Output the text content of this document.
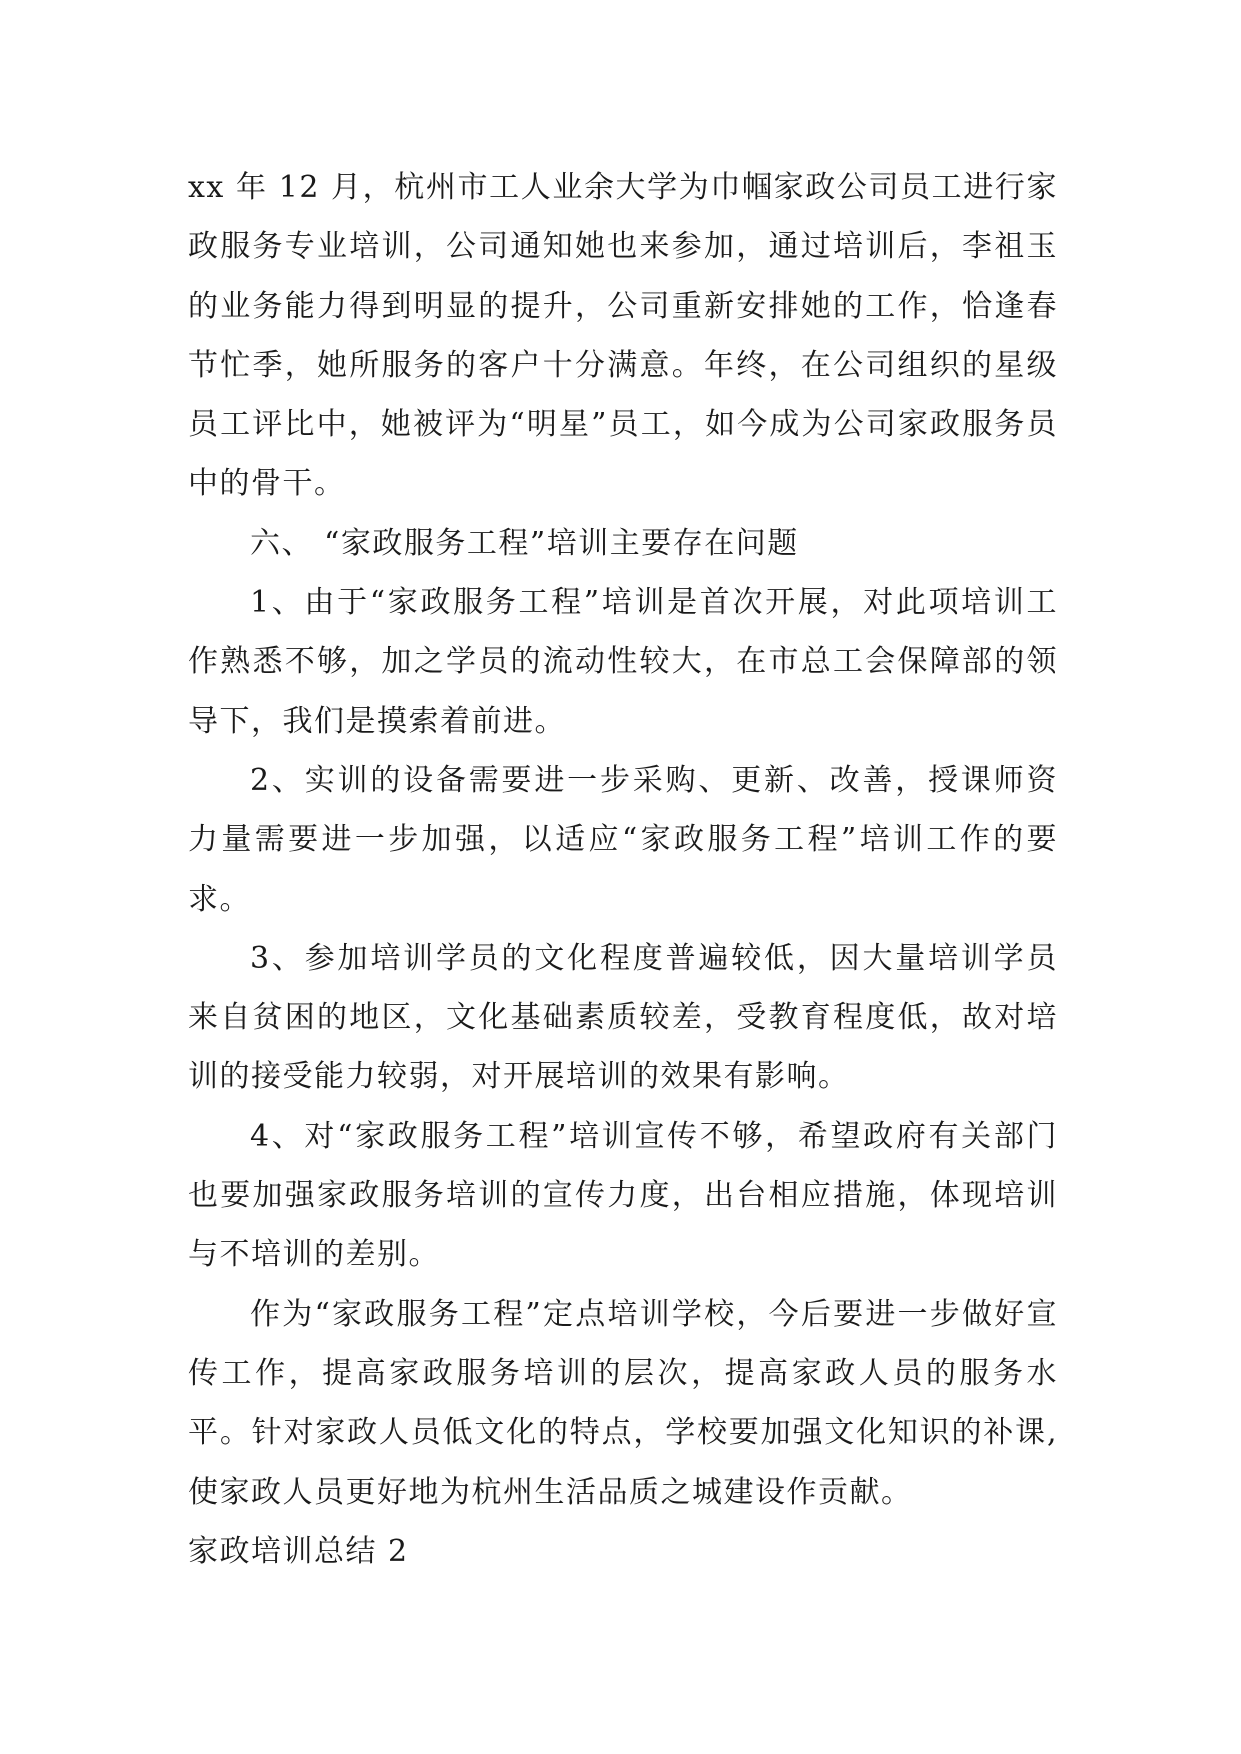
xx 年 12 月，杭州市工人业余大学为巾帼家政公司员工进行家政服务专业培训，公司通知她也来参加，通过培训后，李祖玉的业务能力得到明显的提升，公司重新安排她的工作，恰逢春节忙季，她所服务的客户十分满意。年终，在公司组织的星级员工评比中，她被评为“明星”员工，如今成为公司家政服务员中的骨干。

六、 “家政服务工程”培训主要存在问题

1、由于“家政服务工程”培训是首次开展，对此项培训工作熟悉不够，加之学员的流动性较大，在市总工会保障部的领导下，我们是摸索着前进。

2、实训的设备需要进一步采购、更新、改善，授课师资力量需要进一步加强，以适应“家政服务工程”培训工作的要求。

3、参加培训学员的文化程度普遍较低，因大量培训学员来自贫困的地区，文化基础素质较差，受教育程度低，故对培训的接受能力较弱，对开展培训的效果有影响。

4、对“家政服务工程”培训宣传不够，希望政府有关部门也要加强家政服务培训的宣传力度，出台相应措施，体现培训与不培训的差别。

作为“家政服务工程”定点培训学校，今后要进一步做好宣传工作，提高家政服务培训的层次，提高家政人员的服务水平。针对家政人员低文化的特点，学校要加强文化知识的补课,使家政人员更好地为杭州生活品质之城建设作贡献。

家政培训总结 2
